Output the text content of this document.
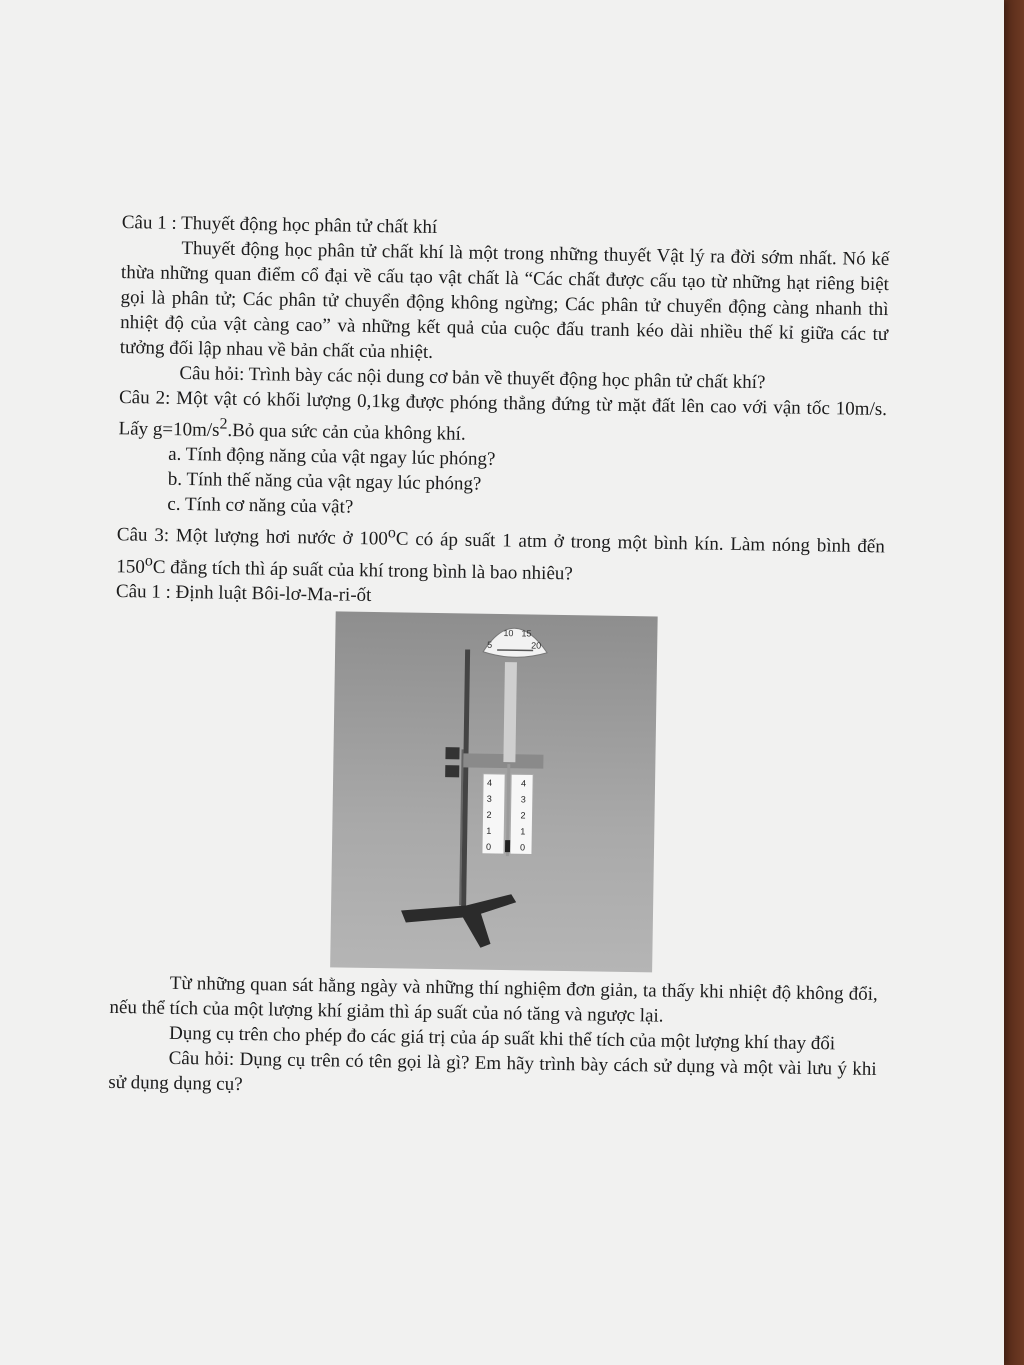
Câu 1 : Thuyết động học phân tử chất khí

Thuyết động học phân tử chất khí là một trong những thuyết Vật lý ra đời sớm nhất. Nó kế thừa những quan điểm cổ đại về cấu tạo vật chất là “Các chất được cấu tạo từ những hạt riêng biệt gọi là phân tử; Các phân tử chuyển động không ngừng; Các phân tử chuyển động càng nhanh thì nhiệt độ của vật càng cao” và những kết quả của cuộc đấu tranh kéo dài nhiều thế kỉ giữa các tư tưởng đối lập nhau về bản chất của nhiệt.

Câu hỏi: Trình bày các nội dung cơ bản về thuyết động học phân tử chất khí?

Câu 2: Một vật có khối lượng 0,1kg được phóng thẳng đứng từ mặt đất lên cao với vận tốc 10m/s. Lấy $g=10m/s^2.Bỏ$ qua sức cản của không khí.

a. Tính động năng của vật ngay lúc phóng?

b. Tính thế năng của vật ngay lúc phóng?

c. Tính cơ năng của vật?

Câu 3: Một lượng hơi nước ở 100$^o$C có áp suất 1 atm ở trong một bình kín. Làm nóng bình đến 150$^o$C đẳng tích thì áp suất của khí trong bình là bao nhiêu?

Câu 1 : Định luật Bôi-lơ-Ma-ri-ốt

10 15
5	20
4
3
2
1
0
4
3
2
1
0

Từ những quan sát hằng ngày và những thí nghiệm đơn giản, ta thấy khi nhiệt độ không đổi, nếu thể tích của một lượng khí giảm thì áp suất của nó tăng và ngược lại.

Dụng cụ trên cho phép đo các giá trị của áp suất khi thể tích của một lượng khí thay đổi

Câu hỏi: Dụng cụ trên có tên gọi là gì? Em hãy trình bày cách sử dụng và một vài lưu ý khi sử dụng dụng cụ?
